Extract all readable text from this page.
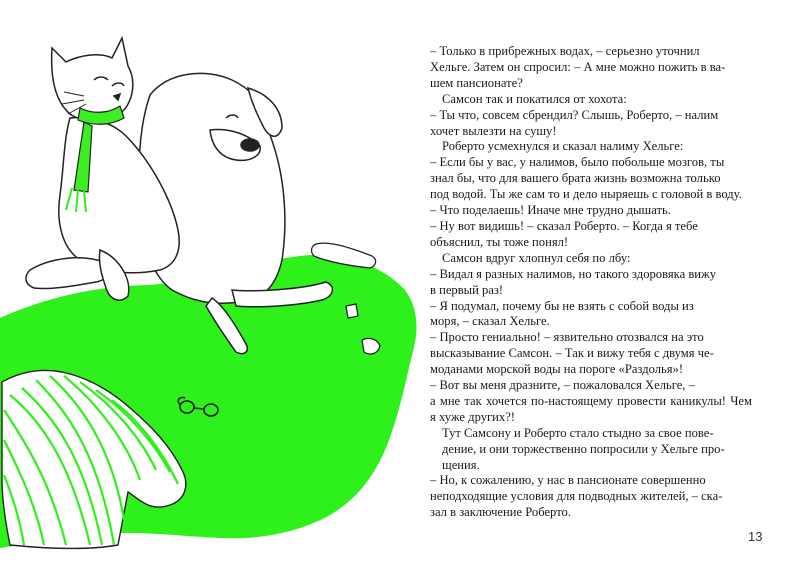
– Только в прибрежных водах, – серьезно уточнил
Хельге. Затем он спросил: – А мне можно пожить в ва-
шем пансионате?

Самсон так и покатился от хохота:

– Ты что, совсем сбрендил? Слышь, Роберто, – налим
хочет вылезти на сушу!

Роберто усмехнулся и сказал налиму Хельге:

– Если бы у вас, у налимов, было побольше мозгов, ты
знал бы, что для вашего брата жизнь возможна только
под водой. Ты же сам то и дело ныряешь с головой в воду.

– Что поделаешь! Иначе мне трудно дышать.

– Ну вот видишь! – сказал Роберто. – Когда я тебе
объяснил, ты тоже понял!

Самсон вдруг хлопнул себя по лбу:

– Видал я разных налимов, но такого здоровяка вижу
в первый раз!

– Я подумал, почему бы не взять с собой воды из
моря, – сказал Хельге.

– Просто гениально! – язвительно отозвался на это
высказывание Самсон. – Так и вижу тебя с двумя че-
моданами морской воды на пороге «Раздолья»!

– Вот вы меня дразните, – пожаловался Хельге, –
а мне так хочется по-настоящему провести каникулы! Чем я хуже других?!

Тут Самсону и Роберто стало стыдно за свое пове-
дение, и они торжественно попросили у Хельге про-
щения.

– Но, к сожалению, у нас в пансионате совершенно
неподходящие условия для подводных жителей, – ска-
зал в заключение Роберто.

13
